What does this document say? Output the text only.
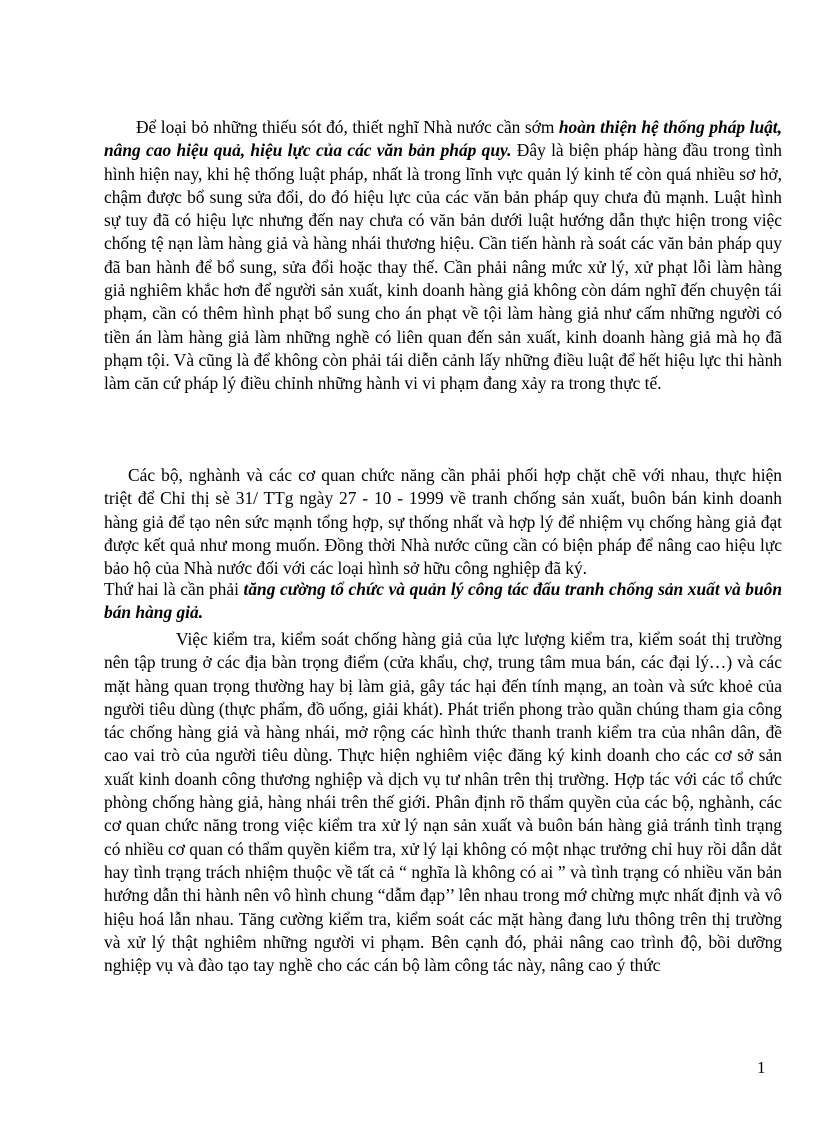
Để loại bỏ những thiếu sót đó, thiết nghĩ Nhà nước cần sớm hoàn thiện hệ thống pháp luật, nâng cao hiệu quả, hiệu lực của các văn bản pháp quy. Đây là biện pháp hàng đầu trong tình hình hiện nay, khi hệ thống luật pháp, nhất là trong lĩnh vực quản lý kinh tế còn quá nhiều sơ hở, chậm được bổ sung sửa đổi, do đó hiệu lực của các văn bản pháp quy chưa đủ mạnh. Luật hình sự tuy đã có hiệu lực nhưng đến nay chưa có văn bản dưới luật hướng dẫn thực hiện trong việc chống tệ nạn làm hàng giả và hàng nhái thương hiệu. Cần tiến hành rà soát các văn bản pháp quy đã ban hành để bổ sung, sửa đổi hoặc thay thế. Cần phải nâng mức xử lý, xử phạt lỗi làm hàng giả nghiêm khắc hơn để người sản xuất, kinh doanh hàng giả không còn dám nghĩ đến chuyện tái phạm, cần có thêm hình phạt bổ sung cho án phạt về tội làm hàng giả như cấm những người có tiền án làm hàng giả làm những nghề có liên quan đến sản xuất, kinh doanh hàng giả mà họ đã phạm tội. Và cũng là để không còn phải tái diễn cảnh lấy những điều luật để hết hiệu lực thi hành làm căn cứ pháp lý điều chỉnh những hành vi vi phạm đang xảy ra trong thực tế.

Các bộ, nghành và các cơ quan chức năng cần phải phối hợp chặt chẽ với nhau, thực hiện triệt để Chỉ thị sè 31/ TTg ngày 27 - 10 - 1999 về tranh chống sản xuất, buôn bán kinh doanh hàng giả để tạo nên sức mạnh tổng hợp, sự thống nhất và hợp lý để nhiệm vụ chống hàng giả đạt được kết quả như mong muốn. Đồng thời Nhà nước cũng cần có biện pháp để nâng cao hiệu lực bảo hộ của Nhà nước đối với các loại hình sở hữu công nghiệp đã ký.

Thứ hai là cần phải tăng cường tổ chức và quản lý công tác đấu tranh chống sản xuất và buôn bán hàng giả.

Việc kiểm tra, kiểm soát chống hàng giả của lực lượng kiểm tra, kiểm soát thị trường nên tập trung ở các địa bàn trọng điểm (cửa khẩu, chợ, trung tâm mua bán, các đại lý…) và các mặt hàng quan trọng thường hay bị làm giả, gây tác hại đến tính mạng, an toàn và sức khoẻ của người tiêu dùng (thực phẩm, đồ uống, giải khát). Phát triển phong trào quần chúng tham gia công tác chống hàng giả và hàng nhái, mở rộng các hình thức thanh tranh kiểm tra của nhân dân, đề cao vai trò của người tiêu dùng. Thực hiện nghiêm việc đăng ký kinh doanh cho các cơ sở sản xuất kinh doanh công thương nghiệp và dịch vụ tư nhân trên thị trường. Hợp tác với các tổ chức phòng chống hàng giả, hàng nhái trên thế giới. Phân định rõ thẩm quyền của các bộ, nghành, các cơ quan chức năng trong việc kiểm tra xử lý nạn sản xuất và buôn bán hàng giả tránh tình trạng có nhiều cơ quan có thẩm quyền kiểm tra, xử lý lại không có một nhạc trưởng chỉ huy rồi dẫn dắt hay tình trạng trách nhiệm thuộc về tất cả “ nghĩa là không có ai ” và tình trạng có nhiều văn bản hướng dẫn thi hành nên vô hình chung “dẫm đạp’’ lên nhau trong mớ chừng mực nhất định và vô hiệu hoá lẫn nhau. Tăng cường kiểm tra, kiểm soát các mặt hàng đang lưu thông trên thị trường và xử lý thật nghiêm những người vi phạm. Bên cạnh đó, phải nâng cao trình độ, bồi dưỡng nghiệp vụ và đào tạo tay nghề cho các cán bộ làm công tác này, nâng cao ý thức

1
